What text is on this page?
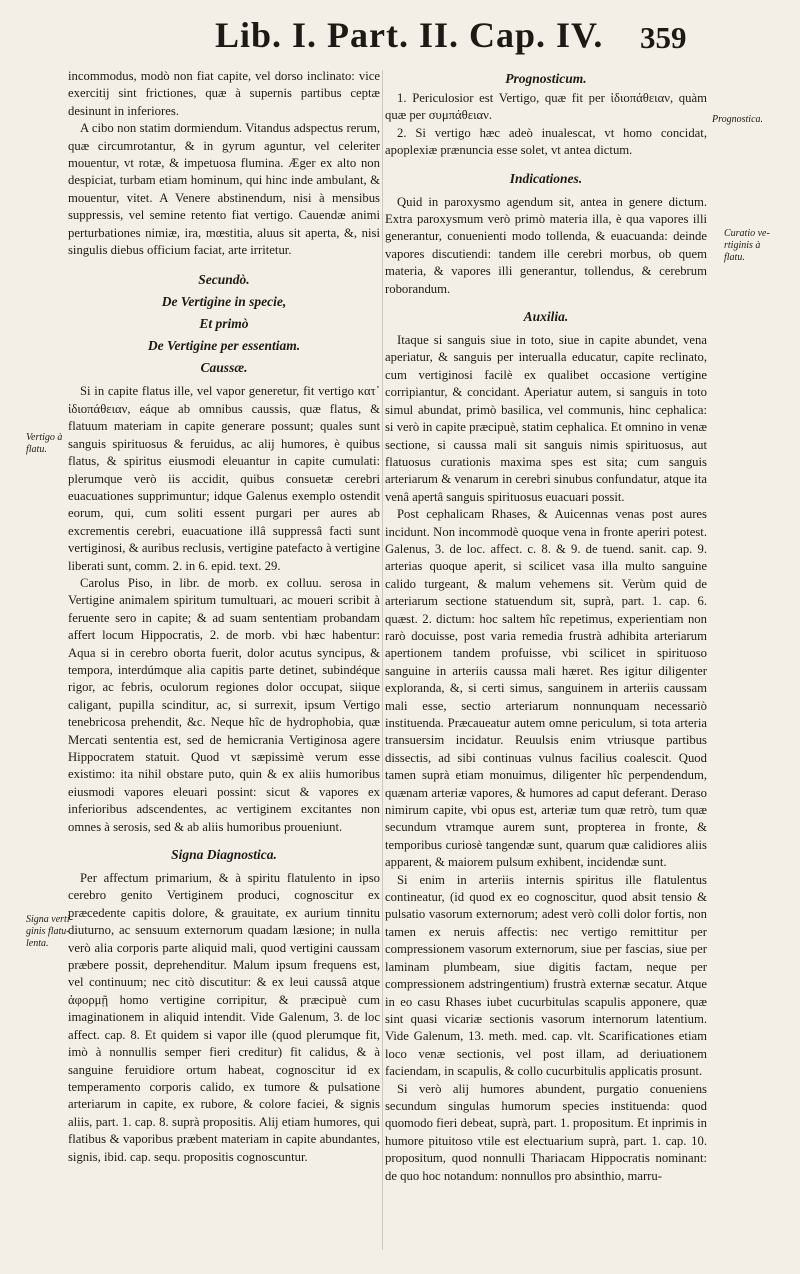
Lib. I. Part. II. Cap. IV. 359

incommodus, modò non fiat capite, vel dorso inclinato: vice exercitij sint frictiones, quæ à supernis partibus ceptæ desinunt in inferiores.

A cibo non statim dormiendum. Vitandus adspectus rerum, quæ circumrotantur, & in gyrum aguntur, vel celeriter mouentur, vt rotæ, & impetuosa flumina. Æger ex alto non despiciat, turbam etiam hominum, qui hinc inde ambulant, & mouentur, vitet. A Venere abstinendum, nisi à mensibus suppressis, vel semine retento fiat vertigo. Cauendæ animi perturbationes nimiæ, ira, mœstitia, aluus sit aperta, &, nisi singulis diebus officium faciat, arte irritetur.

Secundò.
De Vertigine in specie,
Et primò
De Vertigine per essentiam.
Caussæ.

Si in capite flatus ille, vel vapor generetur, fit vertigo κατ᾽ ἰδιοπάθειαν, eáque ab omnibus caussis, quæ flatus, & flatuum materiam in capite generare possunt; quales sunt sanguis spirituosus & feruidus, ac alij humores, è quibus flatus, & spiritus eiusmodi eleuantur in capite cumulati: plerumque verò iis accidit, quibus consuetæ cerebri euacuationes supprimuntur; idque Galenus exemplo ostendit eorum, qui, cum soliti essent purgari per aures ab excrementis cerebri, euacuatione illâ suppressâ facti sunt vertiginosi, & auribus reclusis, vertigine patefacto à vertigine liberati sunt, comm. 2. in 6. epid. text. 29.

Carolus Piso, in libr. de morb. ex colluu. serosa in Vertigine animalem spiritum tumultuari, ac moueri scribit à feruente sero in capite; & ad suam sententiam probandam affert locum Hippocratis, 2. de morb. vbi hæc habentur: Aqua si in cerebro oborta fuerit, dolor acutus syncipus, & tempora, interdúmque alia capitis parte detinet, subindéque rigor, ac febris, oculorum regiones dolor occupat, siique caligant, pupilla scinditur, ac, si surrexit, ipsum Vertigo tenebricosa prehendit, &c. Neque hîc de hydrophobia, quæ Mercati sententia est, sed de hemicrania Vertiginosa agere Hippocratem statuit. Quod vt sæpissimè verum esse existimo: ita nihil obstare puto, quin & ex aliis humoribus eiusmodi vapores eleuari possint: sicut & vapores ex inferioribus adscendentes, ac vertiginem excitantes non omnes à serosis, sed & ab aliis humoribus proueniunt.

Signa Diagnostica.

Per affectum primarium, & à spiritu flatulento in ipso cerebro genito Vertiginem produci, cognoscitur ex præcedente capitis dolore, & grauitate, ex aurium tinnitu diuturno, ac sensuum externorum quadam læsione; in nulla verò alia corporis parte aliquid mali, quod vertigini caussam præbere possit, deprehenditur. Malum ipsum frequens est, vel continuum; nec citò discutitur: & ex leui caussâ atque ἀφορμῇ homo vertigine corripitur, & præcipuè cum imaginationem in aliquid intendit. Vide Galenum, 3. de loc affect. cap. 8. Et quidem si vapor ille (quod plerumque fit, imò à nonnullis semper fieri creditur) fit calidus, & à sanguine feruidiore ortum habeat, cognoscitur id ex temperamento corporis calido, ex tumore & pulsatione arteriarum in capite, ex rubore, & colore faciei, & signis aliis, part. 1. cap. 8. suprà propositis. Alij etiam humores, qui flatibus & vaporibus præbent materiam in capite abundantes, signis, ibid. cap. sequ. propositis cognoscuntur.

Prognosticum.

1. Periculosior est Vertigo, quæ fit per ἰδιοπάθειαν, quàm quæ per συμπάθειαν.

2. Si vertigo hæc adeò inualescat, vt homo concidat, apoplexiæ prænuncia esse solet, vt antea dictum.

Indicationes.

Quid in paroxysmo agendum sit, antea in genere dictum. Extra paroxysmum verò primò materia illa, è qua vapores illi generantur, conuenienti modo tollenda, & euacuanda: deinde vapores discutiendi: tandem ille cerebri morbus, ob quem materia, & vapores illi generantur, tollendus, & cerebrum roborandum.

Auxilia.

Itaque si sanguis siue in toto, siue in capite abundet, vena aperiatur, & sanguis per interualla educatur, capite reclinato, cum vertiginosi facilè ex qualibet occasione vertigine corripiantur, & concidant. Aperiatur autem, si sanguis in toto simul abundat, primò basilica, vel communis, hinc cephalica: si verò in capite præcipuè, statim cephalica. Et omnino in venæ sectione, si caussa mali sit sanguis nimis spirituosus, aut flatuosus curationis maxima spes est sita; cum sanguis arteriarum & venarum in cerebri sinubus confundatur, atque ita venâ apertâ sanguis spirituosus euacuari possit.

Post cephalicam Rhases, & Auicennas venas post aures incidunt. Non incommodè quoque vena in fronte aperiri potest. Galenus, 3. de loc. affect. c. 8. & 9. de tuend. sanit. cap. 9. arterias quoque aperit, si scilicet vasa illa multo sanguine calido turgeant, & malum vehemens sit. Verùm quid de arteriarum sectione statuendum sit, suprà, part. 1. cap. 6. quæst. 2. dictum: hoc saltem hîc repetimus, experientiam non rarò docuisse, post varia remedia frustrà adhibita arteriarum apertionem tandem profuisse, vbi scilicet in spirituoso sanguine in arteriis caussa mali hæret. Res igitur diligenter exploranda, &, si certi simus, sanguinem in arteriis caussam mali esse, sectio arteriarum nonnunquam necessariò instituenda. Præcaueatur autem omne periculum, si tota arteria transuersim incidatur. Reuulsis enim vtriusque partibus dissectis, ad sibi continuas vulnus facilius coalescit. Quod tamen suprà etiam monuimus, diligenter hîc perpendendum, quænam arteriæ vapores, & humores ad caput deferant. Deraso nimirum capite, vbi opus est, arteriæ tum quæ retrò, tum quæ secundum vtramque aurem sunt, propterea in fronte, & temporibus curiosè tangendæ sunt, quarum quæ calidiores aliis apparent, & maiorem pulsum exhibent, incidendæ sunt.

Si enim in arteriis internis spiritus ille flatulentus contineatur, (id quod ex eo cognoscitur, quod absit tensio & pulsatio vasorum externorum; adest verò colli dolor fortis, non tamen ex neruis affectis: nec vertigo remittitur per compressionem vasorum externorum, siue per fascias, siue per laminam plumbeam, siue digitis factam, neque per compressionem adstringentium) frustrà externæ secatur. Atque in eo casu Rhases iubet cucurbitulas scapulis apponere, quæ sint quasi vicariæ sectionis vasorum internorum latentium. Vide Galenum, 13. meth. med. cap. vlt. Scarificationes etiam loco venæ sectionis, vel post illam, ad deriuationem faciendam, in scapulis, & collo cucurbitulis applicatis prosunt.

Si verò alij humores abundent, purgatio conueniens secundum singulas humorum species instituenda: quod quomodo fieri debeat, suprà, part. 1. propositum. Et inprimis in humore pituitoso vtile est electuarium suprà, part. 1. cap. 10. propositum, quod nonnulli Thariacam Hippocratis nominant: de quo hoc notandum: nonnullos pro absinthio, marru-

Vertigo à
flatu.
Signa verti-
ginis flatu-
lenta.
Prognostica.
Curatio ve-
rtiginis à
flatu.
